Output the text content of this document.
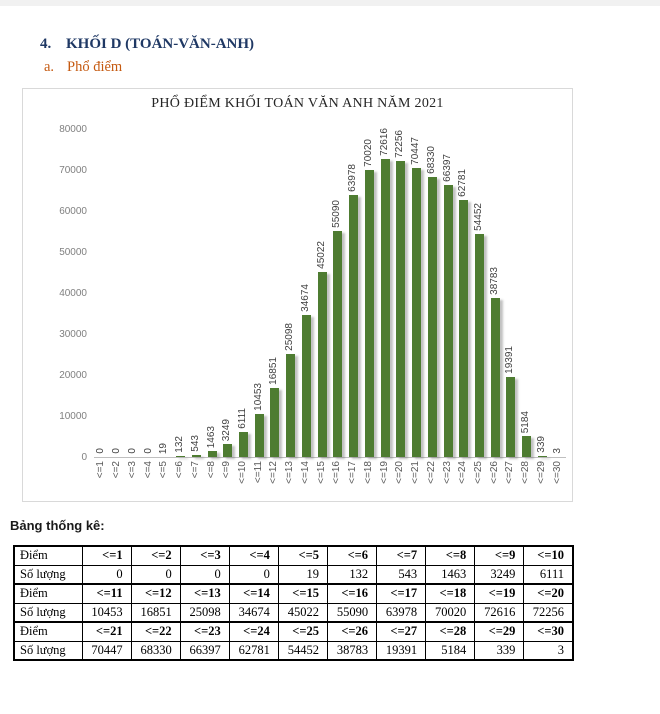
4. KHỐI D (TOÁN-VĂN-ANH)
a. Phổ điểm
PHỔ ĐIỂM KHỐI TOÁN VĂN ANH NĂM 2021
0
<=1
0
<=2
0
<=3
0
<=4
19
<=5
132
<=6
543
<=7
1463
<=8
3249
<=9
6111
<=10
10453
<=11
16851
<=12
25098
<=13
34674
<=14
45022
<=15
55090
<=16
63978
<=17
70020
<=18
72616
<=19
72256
<=20
70447
<=21
68330
<=22
66397
<=23
62781
<=24
54452
<=25
38783
<=26
19391
<=27
5184
<=28
339
<=29
3
<=30
0
10000
20000
30000
40000
50000
60000
70000
80000
Bảng thống kê:
Điểm	<=1	<=2	<=3	<=4	<=5	<=6	<=7	<=8	<=9	<=10
Số lượng	0	0	0	0	19	132	543	1463	3249	6111
Điểm	<=11	<=12	<=13	<=14	<=15	<=16	<=17	<=18	<=19	<=20
Số lượng	10453	16851	25098	34674	45022	55090	63978	70020	72616	72256
Điểm	<=21	<=22	<=23	<=24	<=25	<=26	<=27	<=28	<=29	<=30
Số lượng	70447	68330	66397	62781	54452	38783	19391	5184	339	3
